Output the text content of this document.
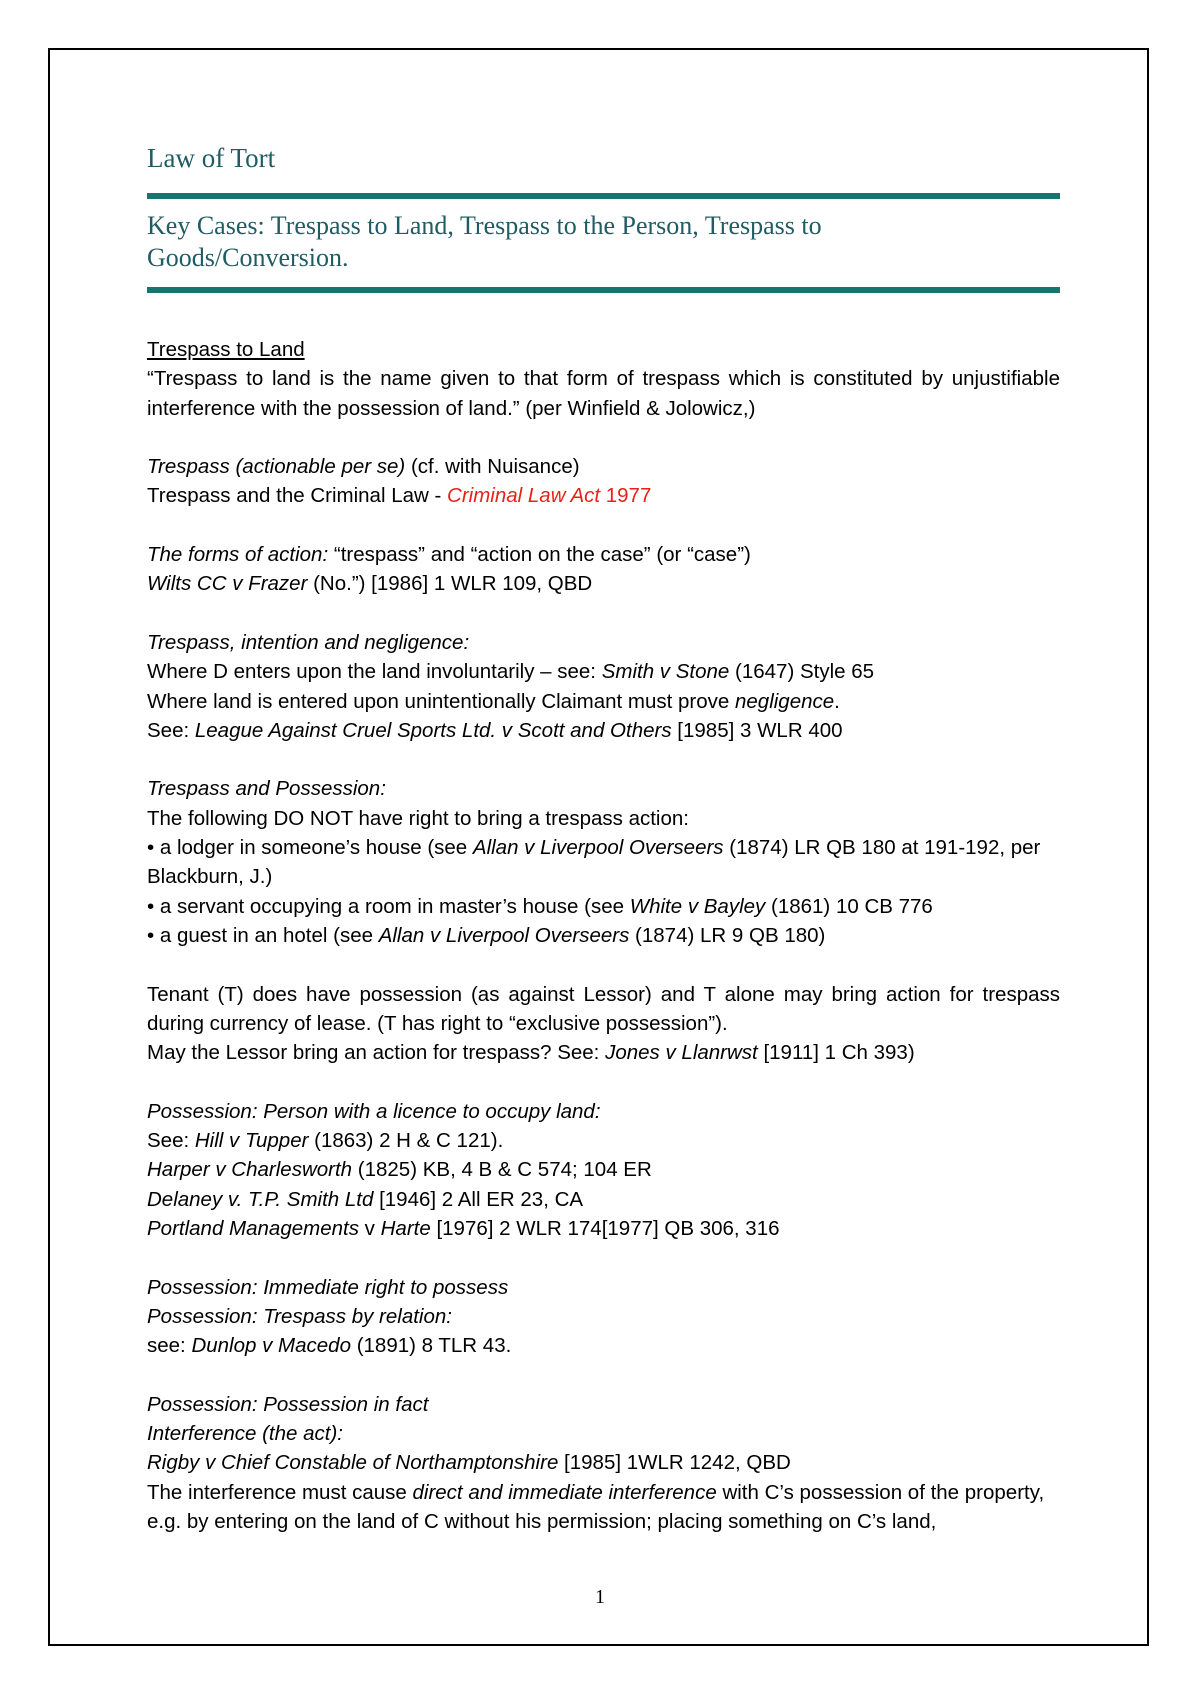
Law of Tort
Key Cases: Trespass to Land, Trespass to the Person, Trespass to Goods/Conversion.

Trespass to Land

“Trespass to land is the name given to that form of trespass which is constituted by unjustifiable interference with the possession of land.” (per Winfield & Jolowicz,)

Trespass (actionable per se) (cf. with Nuisance)

Trespass and the Criminal Law - Criminal Law Act 1977

The forms of action: “trespass” and “action on the case” (or “case”)

Wilts CC v Frazer (No.”) [1986] 1 WLR 109, QBD

Trespass, intention and negligence:

Where D enters upon the land involuntarily – see: Smith v Stone (1647) Style 65

Where land is entered upon unintentionally Claimant must prove negligence.

See: League Against Cruel Sports Ltd. v Scott and Others [1985] 3 WLR 400

Trespass and Possession:

The following DO NOT have right to bring a trespass action:

• a lodger in someone’s house (see Allan v Liverpool Overseers (1874) LR QB 180 at 191-192, per Blackburn, J.)

• a servant occupying a room in master’s house (see White v Bayley (1861) 10 CB 776

• a guest in an hotel (see Allan v Liverpool Overseers (1874) LR 9 QB 180)

Tenant (T) does have possession (as against Lessor) and T alone may bring action for trespass during currency of lease. (T has right to “exclusive possession”).

May the Lessor bring an action for trespass? See: Jones v Llanrwst [1911] 1 Ch 393)

Possession: Person with a licence to occupy land:

See: Hill v Tupper (1863) 2 H & C 121).

Harper v Charlesworth (1825) KB, 4 B & C 574; 104 ER

Delaney v. T.P. Smith Ltd [1946] 2 All ER 23, CA

Portland Managements v Harte [1976] 2 WLR 174[1977] QB 306, 316

Possession: Immediate right to possess

Possession: Trespass by relation:

see: Dunlop v Macedo (1891) 8 TLR 43.

Possession: Possession in fact

Interference (the act):

Rigby v Chief Constable of Northamptonshire [1985] 1WLR 1242, QBD

The interference must cause direct and immediate interference with C’s possession of the property, e.g. by entering on the land of C without his permission; placing something on C’s land,

1
